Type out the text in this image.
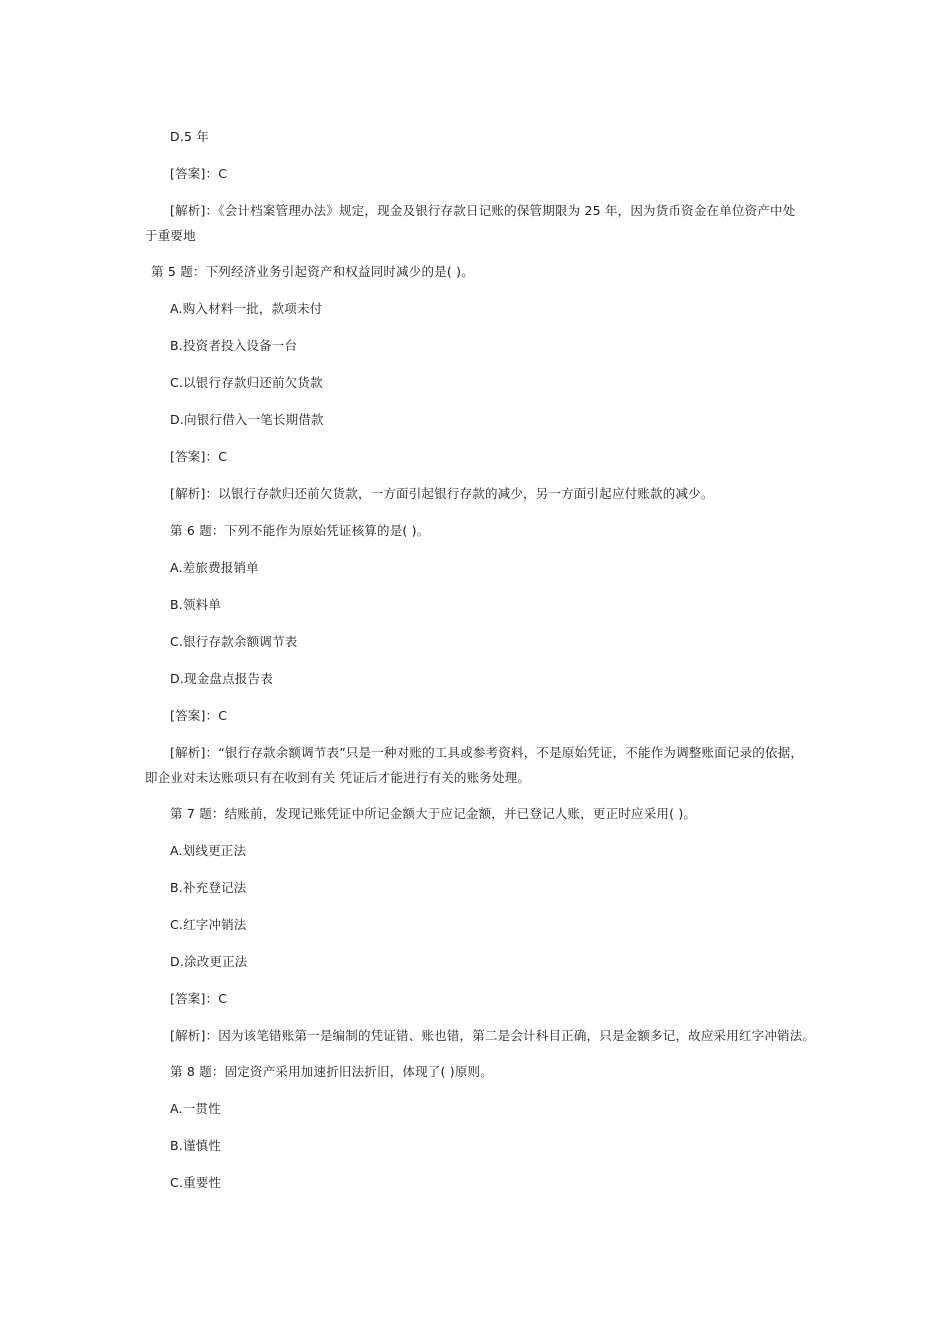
D.5 年
[答案]：C
[解析]：《会计档案管理办法》规定，现金及银行存款日记账的保管期限为 25 年，因为货币资金在单位资产中处
于重要地
第 5 题：下列经济业务引起资产和权益同时减少的是( )。
A.购入材料一批，款项未付
B.投资者投入设备一台
C.以银行存款归还前欠货款
D.向银行借入一笔长期借款
[答案]：C
[解析]：以银行存款归还前欠货款，一方面引起银行存款的减少，另一方面引起应付账款的减少。
第 6 题：下列不能作为原始凭证核算的是( )。
A.差旅费报销单
B.领料单
C.银行存款余额调节表
D.现金盘点报告表
[答案]：C
[解析]：“银行存款余额调节表”只是一种对账的工具或参考资料，不是原始凭证，不能作为调整账面记录的依据，
即企业对未达账项只有在收到有关 凭证后才能进行有关的账务处理。
第 7 题：结账前，发现记账凭证中所记金额大于应记金额，并已登记人账，更正时应采用( )。
A.划线更正法
B.补充登记法
C.红字冲销法
D.涂改更正法
[答案]：C
[解析]：因为该笔错账第一是编制的凭证错、账也错，第二是会计科目正确，只是金额多记，故应采用红字冲销法。
第 8 题：固定资产采用加速折旧法折旧，体现了( )原则。
A.一贯性
B.谨慎性
C.重要性
